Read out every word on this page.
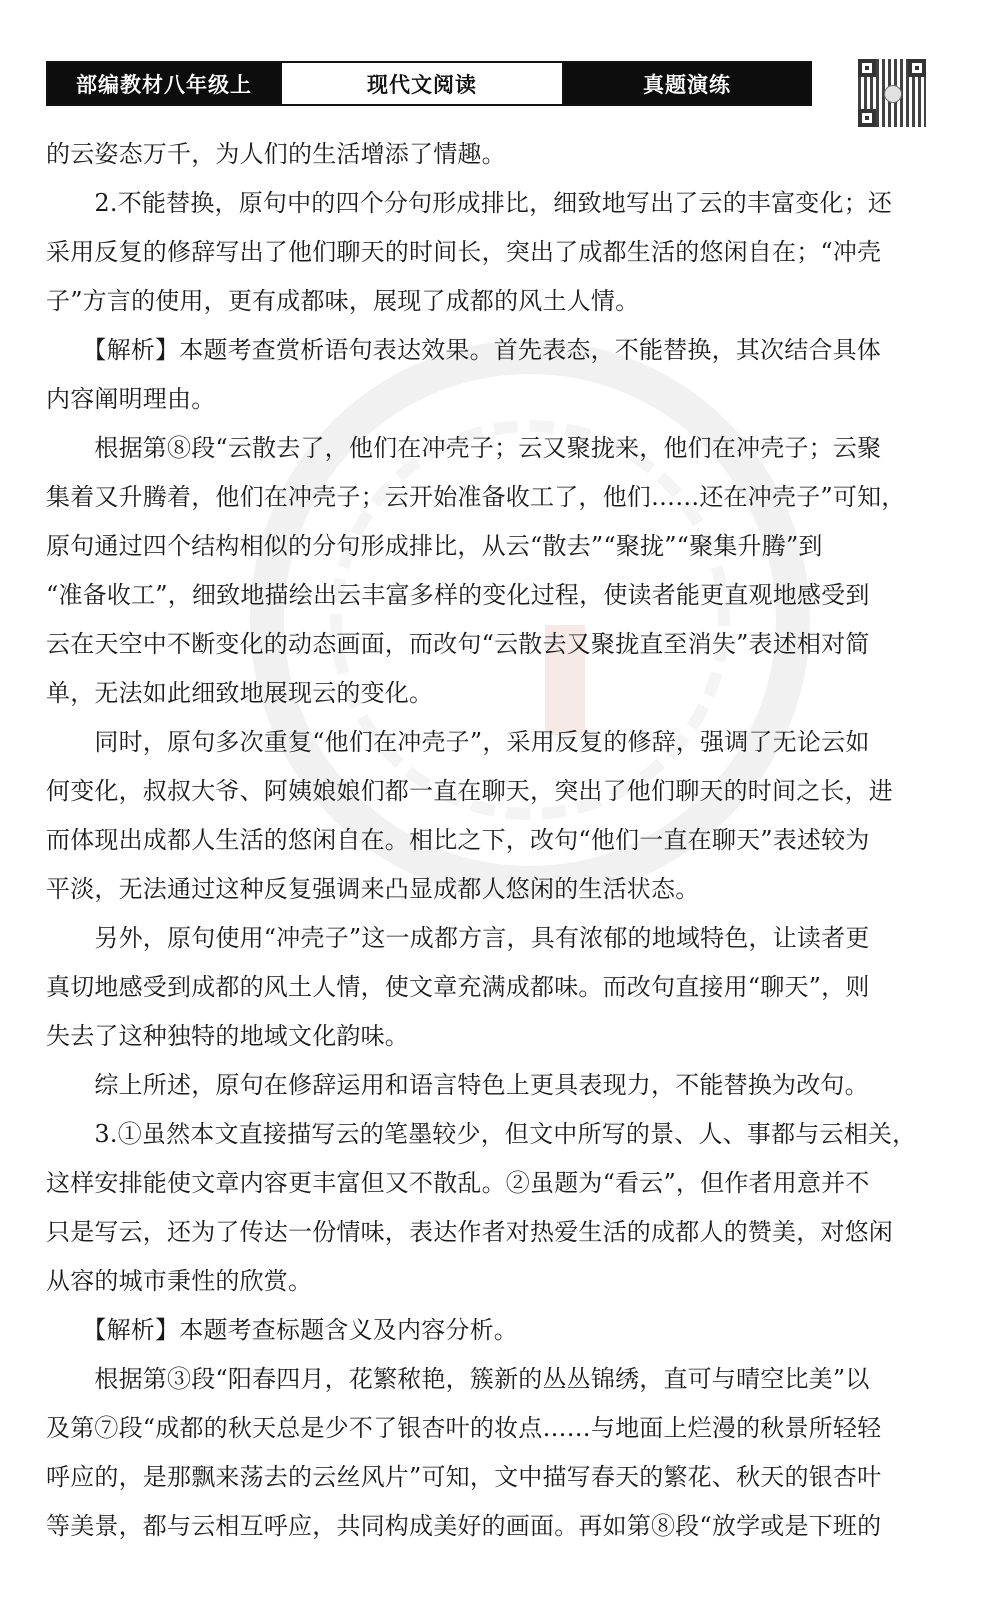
部编教材八年级上	现代文阅读	真题演练
的云姿态万千，为人们的生活增添了情趣。
　　2.不能替换，原句中的四个分句形成排比，细致地写出了云的丰富变化；还
采用反复的修辞写出了他们聊天的时间长，突出了成都生活的悠闲自在；“冲壳
子”方言的使用，更有成都味，展现了成都的风土人情。
　　【解析】本题考查赏析语句表达效果。首先表态，不能替换，其次结合具体
内容阐明理由。
　　根据第⑧段“云散去了，他们在冲壳子；云又聚拢来，他们在冲壳子；云聚
集着又升腾着，他们在冲壳子；云开始准备收工了，他们……还在冲壳子”可知，
原句通过四个结构相似的分句形成排比，从云“散去”“聚拢”“聚集升腾”到
“准备收工”，细致地描绘出云丰富多样的变化过程，使读者能更直观地感受到
云在天空中不断变化的动态画面，而改句“云散去又聚拢直至消失”表述相对简
单，无法如此细致地展现云的变化。
　　同时，原句多次重复“他们在冲壳子”，采用反复的修辞，强调了无论云如
何变化，叔叔大爷、阿姨娘娘们都一直在聊天，突出了他们聊天的时间之长，进
而体现出成都人生活的悠闲自在。相比之下，改句“他们一直在聊天”表述较为
平淡，无法通过这种反复强调来凸显成都人悠闲的生活状态。
　　另外，原句使用“冲壳子”这一成都方言，具有浓郁的地域特色，让读者更
真切地感受到成都的风土人情，使文章充满成都味。而改句直接用“聊天”，则
失去了这种独特的地域文化韵味。
　　综上所述，原句在修辞运用和语言特色上更具表现力，不能替换为改句。
　　3.①虽然本文直接描写云的笔墨较少，但文中所写的景、人、事都与云相关，
这样安排能使文章内容更丰富但又不散乱。②虽题为“看云”，但作者用意并不
只是写云，还为了传达一份情味，表达作者对热爱生活的成都人的赞美，对悠闲
从容的城市秉性的欣赏。
　　【解析】本题考查标题含义及内容分析。
　　根据第③段“阳春四月，花繁秾艳，簇新的丛丛锦绣，直可与晴空比美”以
及第⑦段“成都的秋天总是少不了银杏叶的妆点……与地面上烂漫的秋景所轻轻
呼应的，是那飘来荡去的云丝风片”可知，文中描写春天的繁花、秋天的银杏叶
等美景，都与云相互呼应，共同构成美好的画面。再如第⑧段“放学或是下班的
